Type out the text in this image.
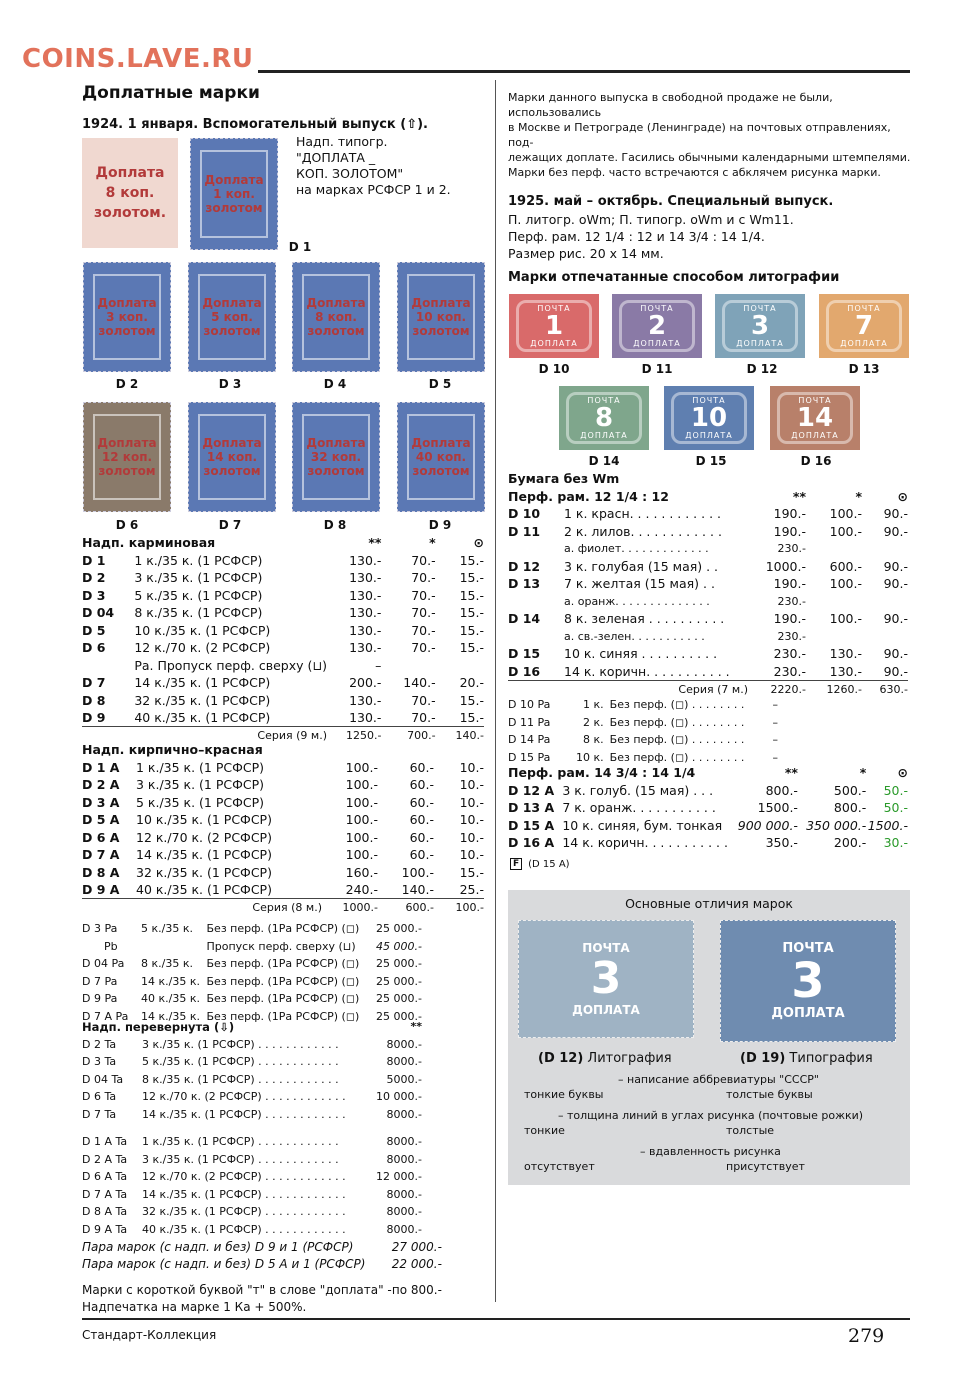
COINS.LAVE.RU
Доплатные марки
1924. 1 января. Вспомогательный выпуск (⇧).
Доплата
8 коп.
золотом.
Доплата
1 коп.
золотом
D 1
Надп. типогр.
"ДОПЛАТА _
КОП. ЗОЛОТОМ"
на марках РСФСР 1 и 2.
Доплата
3 коп.
золотом
Доплата
5 коп.
золотом
Доплата
8 коп.
золотом
Доплата
10 коп.
золотом
D 2	D 3	D 4	D 5
Доплата
12 коп.
золотом
Доплата
14 коп.
золотом
Доплата
32 коп.
золотом
Доплата
40 коп.
золотом
D 6	D 7	D 8	D 9
Надп. карминовая		**	*	⊙
D 1	1 к./35 к. (1 РСФСР)	130.-	70.-	15.-
D 2	3 к./35 к. (1 РСФСР)	130.-	70.-	15.-
D 3	5 к./35 к. (1 РСФСР)	130.-	70.-	15.-
D 04	8 к./35 к. (1 РСФСР)	130.-	70.-	15.-
D 5	10 к./35 к. (1 РСФСР)	130.-	70.-	15.-
D 6	12 к./70 к. (2 РСФСР)	130.-	70.-	15.-
	Ра. Пропуск перф. сверху (⊔)	–		
D 7	14 к./35 к. (1 РСФСР)	200.-	140.-	20.-
D 8	32 к./35 к. (1 РСФСР)	130.-	70.-	15.-
D 9	40 к./35 к. (1 РСФСР)	130.-	70.-	15.-
	Серия (9 м.)	1250.-	700.-	140.-
Надп. кирпично–красная				
D 1 A	1 к./35 к. (1 РСФСР)	100.-	60.-	10.-
D 2 A	3 к./35 к. (1 РСФСР)	100.-	60.-	10.-
D 3 A	5 к./35 к. (1 РСФСР)	100.-	60.-	10.-
D 5 A	10 к./35 к. (1 РСФСР)	100.-	60.-	10.-
D 6 A	12 к./70 к. (2 РСФСР)	100.-	60.-	10.-
D 7 A	14 к./35 к. (1 РСФСР)	100.-	60.-	10.-
D 8 A	32 к./35 к. (1 РСФСР)	160.-	100.-	15.-
D 9 A	40 к./35 к. (1 РСФСР)	240.-	140.-	25.-
	Серия (8 м.)	1000.-	600.-	100.-
D 3 Pa	5 к./35 к.	Без перф. (1Ра РСФСР) (◻)	25 000.-
Pb		Пропуск перф. сверху (⊔)	45 000.-
D 04 Pa	8 к./35 к.	Без перф. (1Ра РСФСР) (◻)	25 000.-
D 7 Pa	14 к./35 к.	Без перф. (1Ра РСФСР) (◻)	25 000.-
D 9 Pa	40 к./35 к.	Без перф. (1Ра РСФСР) (◻)	25 000.-
D 7 A Pa	14 к./35 к.	Без перф. (1Ра РСФСР) (◻)	25 000.-
Надп. перевернута (⇩)		**
D 2 Ta	3 к./35 к. (1 РСФСР) . . . . . . . . . . . .	8000.-
D 3 Ta	5 к./35 к. (1 РСФСР) . . . . . . . . . . . .	8000.-
D 04 Ta	8 к./35 к. (1 РСФСР) . . . . . . . . . . . .	5000.-
D 6 Ta	12 к./70 к. (2 РСФСР) . . . . . . . . . . . .	10 000.-
D 7 Ta	14 к./35 к. (1 РСФСР) . . . . . . . . . . . .	8000.-

D 1 A Ta	1 к./35 к. (1 РСФСР) . . . . . . . . . . . .	8000.-
D 2 A Ta	3 к./35 к. (1 РСФСР) . . . . . . . . . . . .	8000.-
D 6 A Ta	12 к./70 к. (2 РСФСР) . . . . . . . . . . . .	12 000.-
D 7 A Ta	14 к./35 к. (1 РСФСР) . . . . . . . . . . . .	8000.-
D 8 A Ta	32 к./35 к. (1 РСФСР) . . . . . . . . . . . .	8000.-
D 9 A Ta	40 к./35 к. (1 РСФСР) . . . . . . . . . . . .	8000.-
Пара марок (с надп. и без) D 9 и 1 (РСФСР)	27 000.-
Пара марок (с надп. и без) D 5 A и 1 (РСФСР)	22 000.-

Марки с короткой буквой "т" в слове "доплата" -	по 800.-
Надпечатка на марке 1 Ка + 500%.	
Марки данного выпуска в свободной продаже не были, использовались
в Москве и Петрограде (Ленинграде) на почтовых отправлениях, под-
лежащих доплате. Гасились обычными календарными штемпелями.
Марки без перф. часто встречаются с абклячем рисунка марки.
1925. май – октябрь. Специальный выпуск.
П. литогр. oWm; П. типогр. oWm и с Wm11.
Перф. рам. 12 1/4 : 12 и 14 3/4 : 14 1/4.
Размер рис. 20 х 14 мм.
Марки отпечатанные способом литографии
ПОЧТА
1
ДОПЛАТА
ПОЧТА
2
ДОПЛАТА
ПОЧТА
3
ДОПЛАТА
ПОЧТА
7
ДОПЛАТА
D 10	D 11	D 12	D 13
ПОЧТА
8
ДОПЛАТА
ПОЧТА
10
ДОПЛАТА
ПОЧТА
14
ДОПЛАТА
D 14	D 15	D 16
Бумага без Wm				
Перф. рам. 12 1/4 : 12		**	*	⊙
D 10	1 к. красн. . . . . . . . . . . .	190.-	100.-	90.-
D 11	2 к. лилов. . . . . . . . . . . .	190.-	100.-	90.-
	а. фиолет. . . . . . . . . . . . .	230.-		
D 12	3 к. голубая (15 мая) . .	1000.-	600.-	90.-
D 13	7 к. желтая (15 мая) . .	190.-	100.-	90.-
	а. оранж. . . . . . . . . . . . . .	230.-		
D 14	8 к. зеленая . . . . . . . . . .	190.-	100.-	90.-
	а. св.-зелен. . . . . . . . . . .	230.-		
D 15	10 к. синяя . . . . . . . . . .	230.-	130.-	90.-
D 16	14 к. коричн. . . . . . . . . . .	230.-	130.-	90.-
	Серия (7 м.)	2220.-	1260.-	630.-
D 10 Pa	1 к.	Без перф. (◻) . . . . . . . .	–
D 11 Pa	2 к.	Без перф. (◻) . . . . . . . .	–
D 14 Pa	8 к.	Без перф. (◻) . . . . . . . .	–
D 15 Pa	10 к.	Без перф. (◻) . . . . . . . .	–
Перф. рам. 14 3/4 : 14 1/4		**	*	⊙
D 12 A	3 к. голуб. (15 мая) . . .	800.-	500.-	50.-
D 13 A	7 к. оранж. . . . . . . . . . .	1500.-	800.-	50.-
D 15 A	10 к. синяя, бум. тонкая	900 000.-	350 000.-	1500.-
D 16 A	14 к. коричн. . . . . . . . . . .	350.-	200.-	30.-
F (D 15 A)
Основные отличия марок
ПОЧТА
3
ДОПЛАТА
ПОЧТА
3
ДОПЛАТА
(D 12) Литография	(D 19) Типография
– написание аббревиатуры "СССР"
тонкие буквы	толстые буквы
– толщина линий в углах рисунка (почтовые рожки)
тонкие	толстые
– вдавленность рисунка
отсутствует	присутствует
Стандарт-Коллекция	279
